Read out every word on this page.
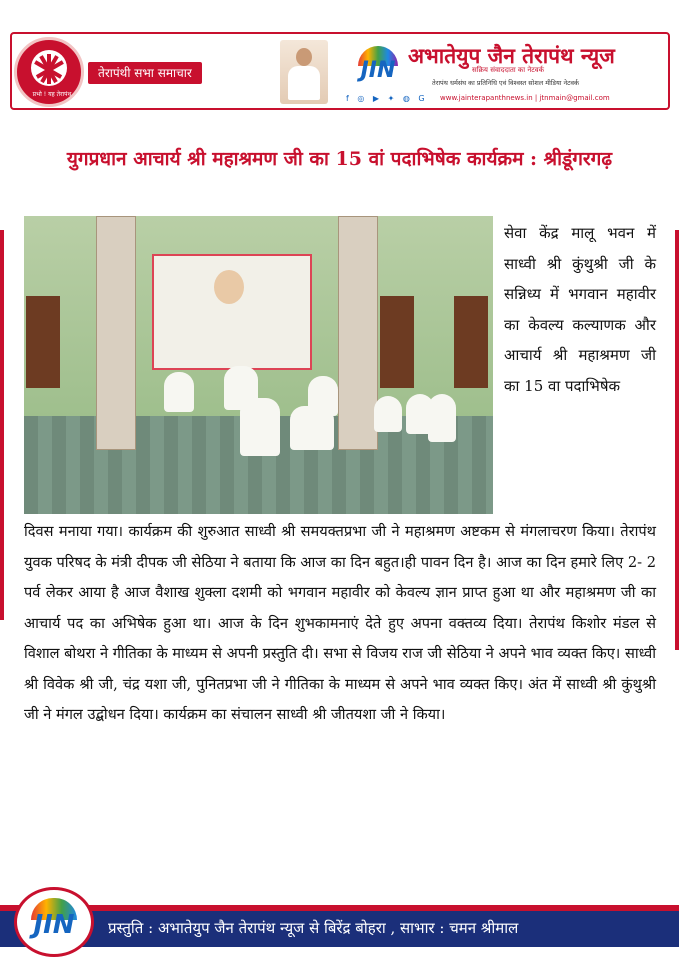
प्रभो ! यह तेरापंथ
तेरापंथी सभा समाचार	JIN
अभातेयुप जैन तेरापंथ न्यूज
सक्रिय संवाददाता का नेटवर्क
तेरापंथ धर्मसंघ का प्रतिनिधि एवं विश्वस्त सोशल मीडिया नेटवर्क
f ◎ ▶ ✦ ◍ G www.jainterapanthnews.in | jtnmain@gmail.com
युगप्रधान आचार्य श्री महाश्रमण जी का 15 वां पदाभिषेक कार्यक्रम : श्रीडूंगरगढ़
सेवा केंद्र मालू भवन में साध्वी श्री कुंथुश्री जी के सन्निध्य में भगवान महावीर का केवल्य कल्याणक और आचार्य श्री महाश्रमण जी का 15 वा पदाभिषेक
दिवस मनाया गया। कार्यक्रम की शुरुआत साध्वी श्री समयक्तप्रभा जी ने महाश्रमण अष्टकम से मंगलाचरण किया। तेरापंथ युवक परिषद के मंत्री दीपक जी सेठिया ने बताया कि आज का दिन बहुत।ही पावन दिन है। आज का दिन हमारे लिए 2- 2 पर्व लेकर आया है आज वैशाख शुक्ला दशमी को भगवान महावीर को केवल्य ज्ञान प्राप्त हुआ था और महाश्रमण जी का आचार्य पद का अभिषेक हुआ था। आज के दिन शुभकामनाएं देते हुए अपना वक्तव्य दिया। तेरापंथ किशोर मंडल से विशाल बोथरा ने गीतिका के माध्यम से अपनी प्रस्तुति दी। सभा से विजय राज जी सेठिया ने अपने भाव व्यक्त किए। साध्वी श्री विवेक श्री जी, चंद्र यशा जी, पुनितप्रभा जी ने गीतिका के माध्यम से अपने भाव व्यक्त किए। अंत में साध्वी श्री कुंथुश्री जी ने मंगल उद्बोधन दिया। कार्यक्रम का संचालन साध्वी श्री जीतयशा जी ने किया।
JIN	प्रस्तुति : अभातेयुप जैन तेरापंथ न्यूज से बिरेंद्र बोहरा , साभार : चमन श्रीमाल
